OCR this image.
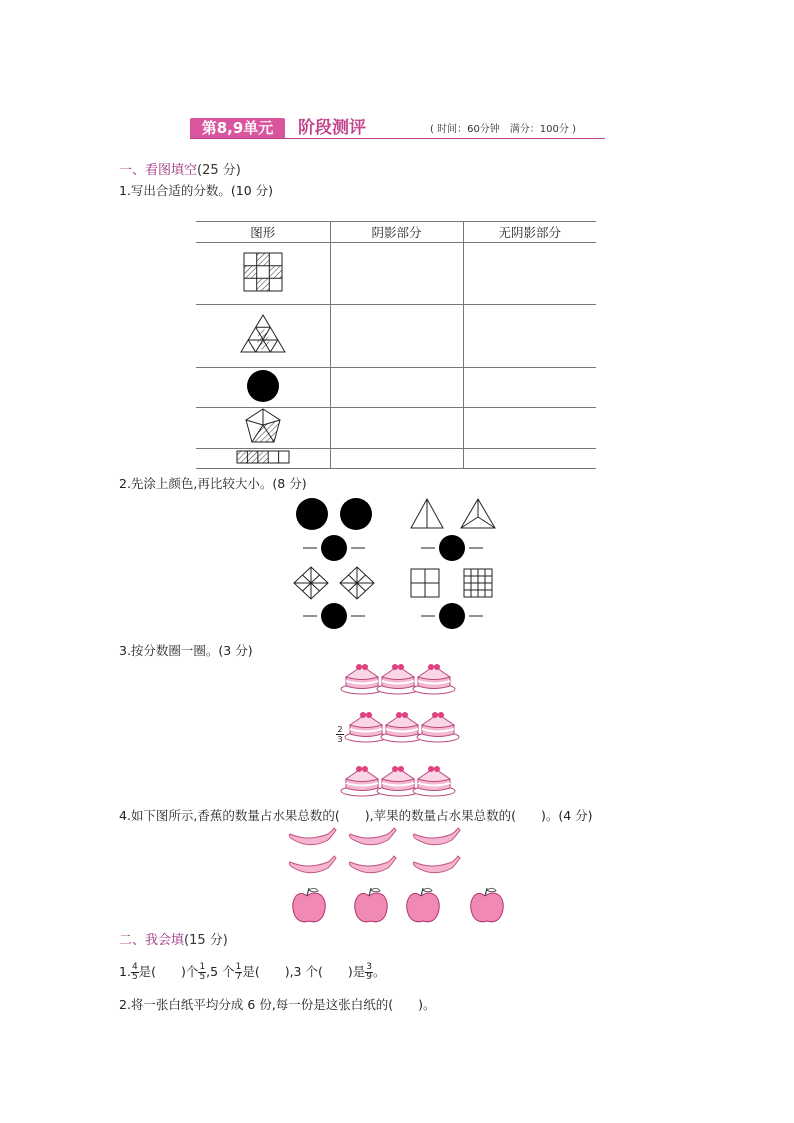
第8,9单元	阶段测评	( 时间：60分钟　满分：100分 )
一、看图填空(25 分)
1.写出合适的分数。(10 分)
图形	阴影部分	无阴影部分

2.先涂上颜色,再比较大小。(8 分)
3.按分数圈一圈。(3 分)
$\frac{2}{3}$
4.如下图所示,香蕉的数量占水果总数的(　　),苹果的数量占水果总数的(　　)。(4 分)
二、我会填(15 分)
1. $\frac{4}{5}$ 是(　　)个 $\frac{1}{5} ,5$ 个 $\frac{1}{7}$ 是(　　),3 个(　　)是 $\frac{3}{9}$ 。
2.将一张白纸平均分成 6 份,每一份是这张白纸的(　　)。
